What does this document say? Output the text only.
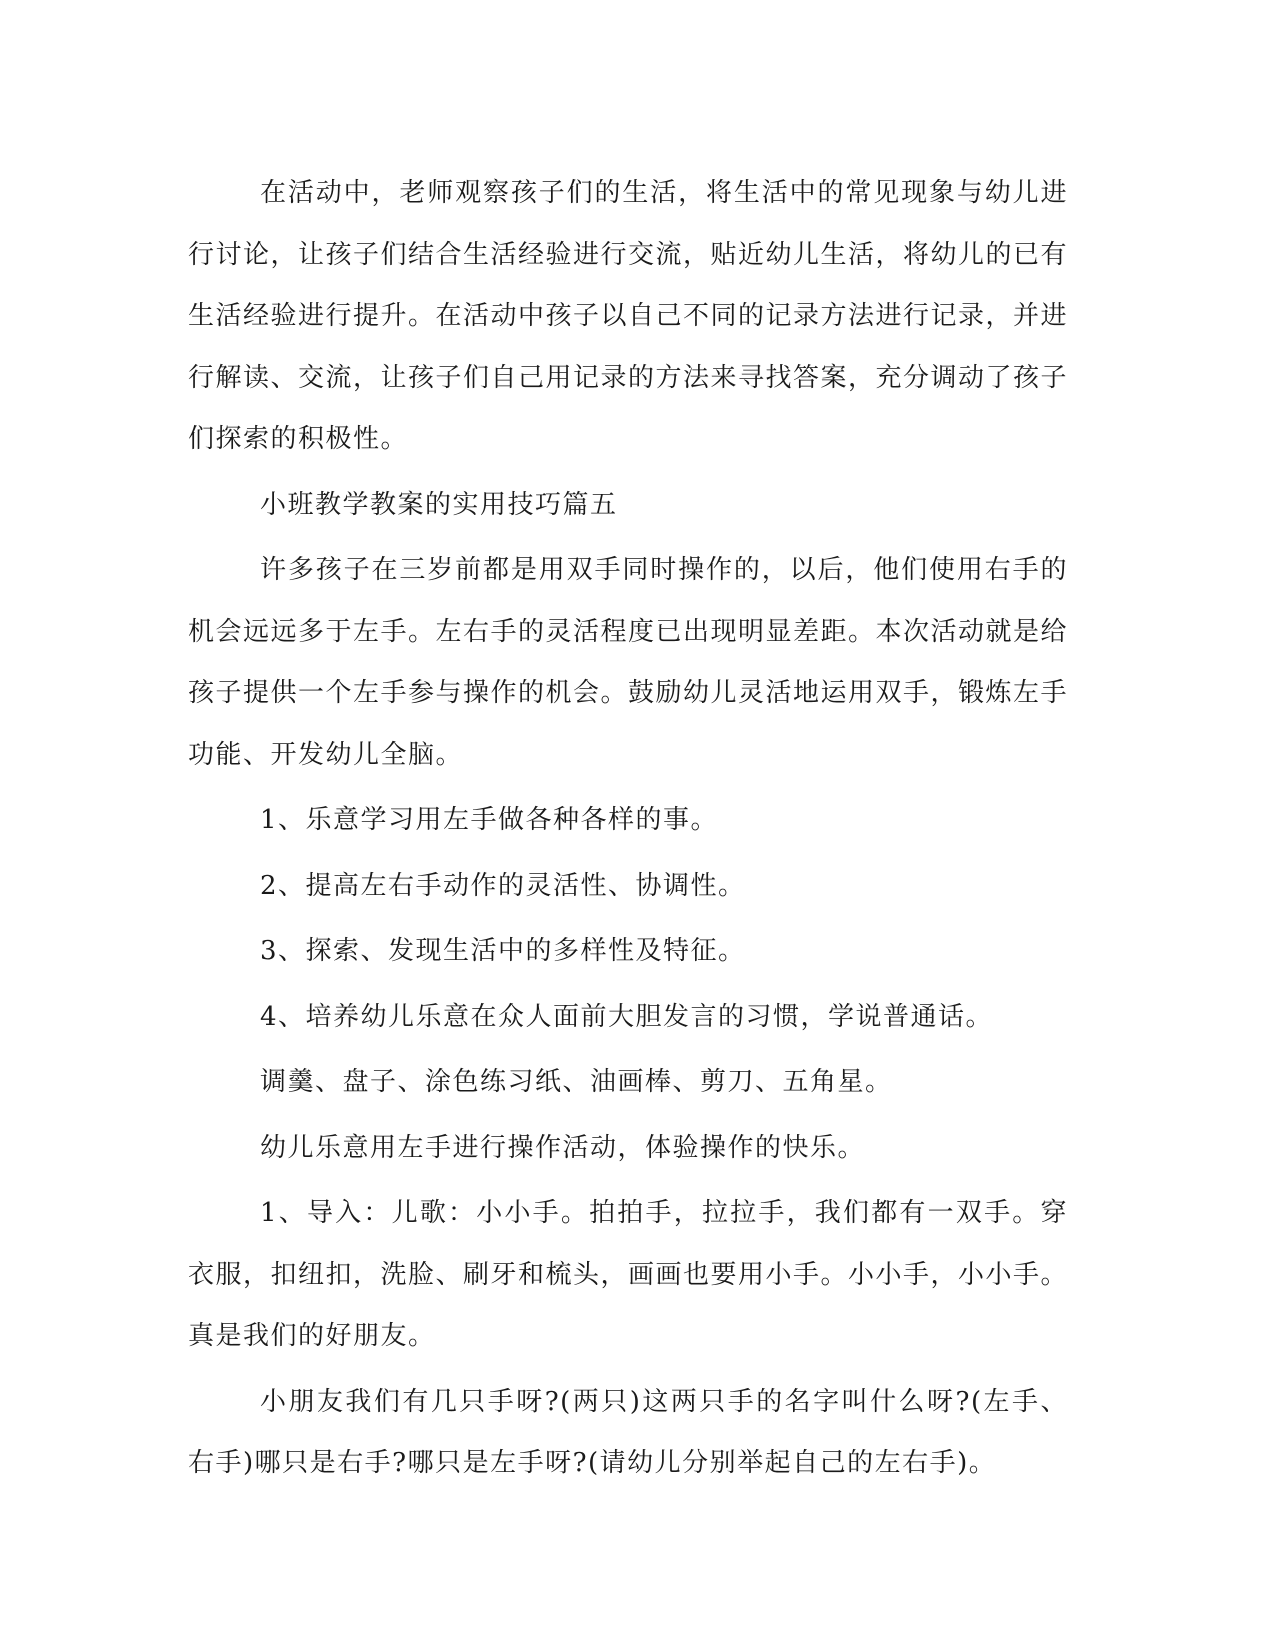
在活动中，老师观察孩子们的生活，将生活中的常见现象与幼儿进行讨论，让孩子们结合生活经验进行交流，贴近幼儿生活，将幼儿的已有生活经验进行提升。在活动中孩子以自己不同的记录方法进行记录，并进行解读、交流，让孩子们自己用记录的方法来寻找答案，充分调动了孩子们探索的积极性。

小班教学教案的实用技巧篇五

许多孩子在三岁前都是用双手同时操作的，以后，他们使用右手的机会远远多于左手。左右手的灵活程度已出现明显差距。本次活动就是给孩子提供一个左手参与操作的机会。鼓励幼儿灵活地运用双手，锻炼左手功能、开发幼儿全脑。

1、乐意学习用左手做各种各样的事。

2、提高左右手动作的灵活性、协调性。

3、探索、发现生活中的多样性及特征。

4、培养幼儿乐意在众人面前大胆发言的习惯，学说普通话。

调羹、盘子、涂色练习纸、油画棒、剪刀、五角星。

幼儿乐意用左手进行操作活动，体验操作的快乐。

1、导入：儿歌：小小手。拍拍手，拉拉手，我们都有一双手。穿衣服，扣纽扣，洗脸、刷牙和梳头，画画也要用小手。小小手，小小手。真是我们的好朋友。

小朋友我们有几只手呀?(两只)这两只手的名字叫什么呀?(左手、右手)哪只是右手?哪只是左手呀?(请幼儿分别举起自己的左右手)。
